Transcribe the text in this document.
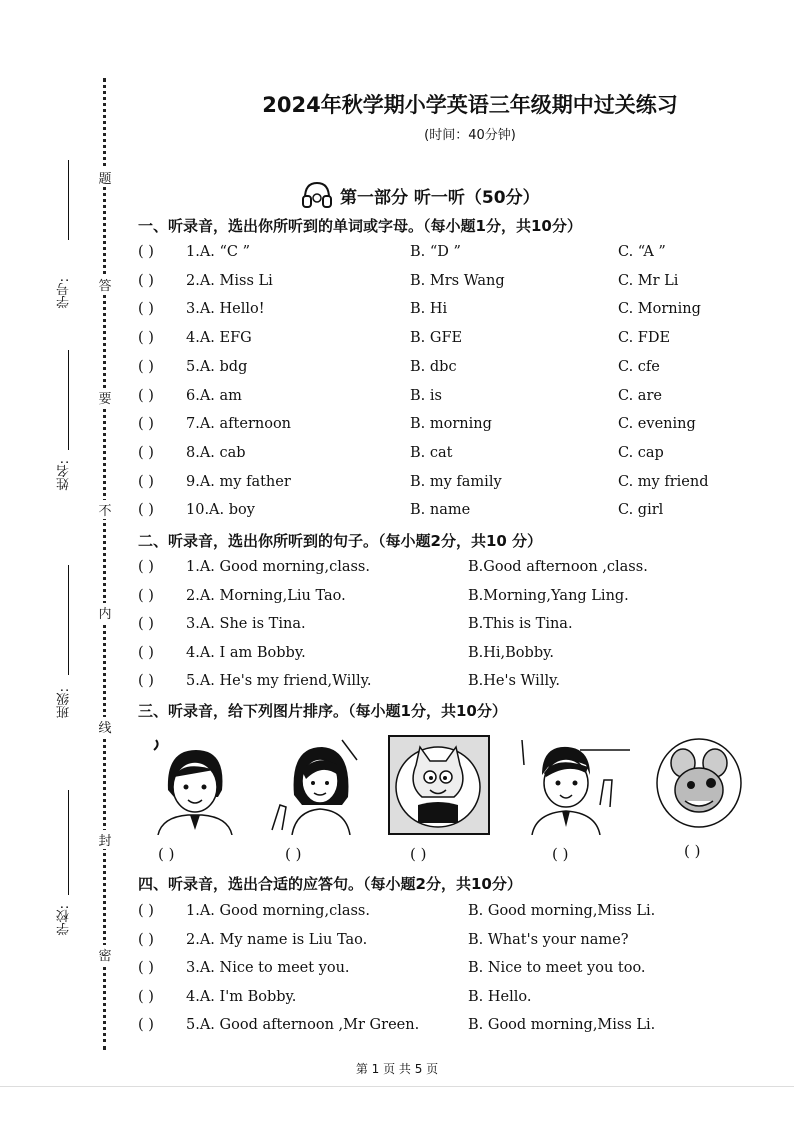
学号:
姓名:
班级:
学校:
题
答
要
不
内
线
封
密
2024年秋学期小学英语三年级期中过关练习
(时间：40分钟)
第一部分 听一听（50分）
一、听录音，选出你所听到的单词或字母。（每小题1分，共10分）
( ) 1.A. “C ”	B. “D ”	C. “A ”
( ) 2.A. Miss Li	B. Mrs Wang	C. Mr Li
( ) 3.A. Hello!	B. Hi	C. Morning
( ) 4.A. EFG	B. GFE	C. FDE
( ) 5.A. bdg	B. dbc	C. cfe
( ) 6.A. am	B. is	C. are
( ) 7.A. afternoon	B. morning	C. evening
( ) 8.A. cab	B. cat	C. cap
( ) 9.A. my father	B. my family	C. my friend
( ) 10.A. boy	B. name	C. girl
二、听录音，选出你所听到的句子。（每小题2分，共10 分）
( ) 1.A. Good morning,class.	B.Good afternoon ,class.
( ) 2.A. Morning,Liu Tao.	B.Morning,Yang Ling.
( ) 3.A. She is Tina.	B.This is Tina.
( ) 4.A. I am Bobby.	B.Hi,Bobby.
( ) 5.A. He's my friend,Willy.	B.He's Willy.
三、听录音，给下列图片排序。（每小题1分，共10分）
( )	( )	( )	( )	( )
四、听录音，选出合适的应答句。（每小题2分，共10分）
( ) 1.A. Good morning,class.	B. Good morning,Miss Li.
( ) 2.A. My name is Liu Tao.	B. What's your name?
( ) 3.A. Nice to meet you.	B. Nice to meet you too.
( ) 4.A. I'm Bobby.	B. Hello.
( ) 5.A. Good afternoon ,Mr Green.	B. Good morning,Miss Li.
第 1 页 共 5 页
